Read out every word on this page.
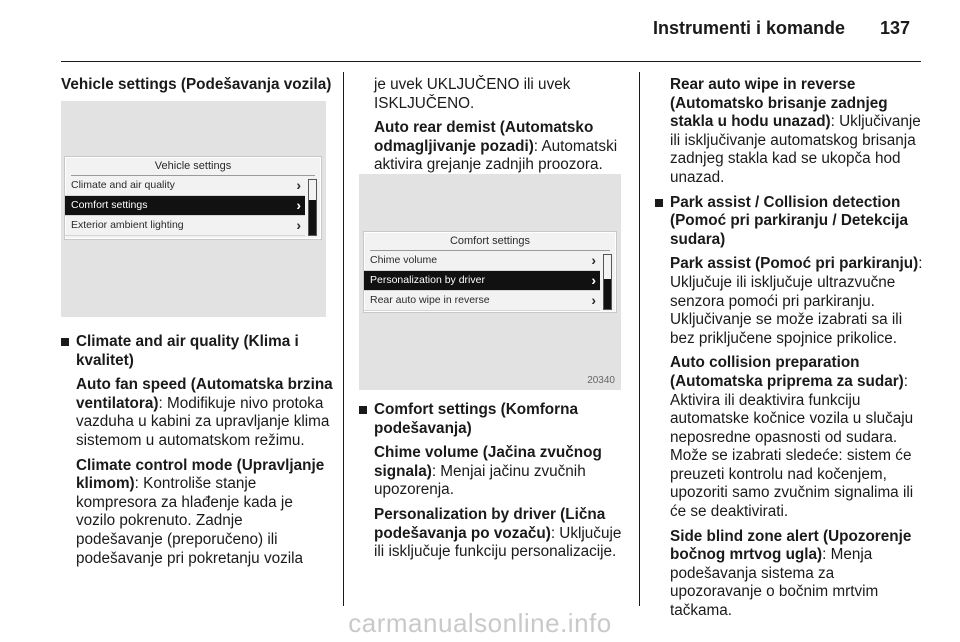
Instrumenti i komande 137

Vehicle settings (Podešavanja vozila)

Vehicle settings
Climate and air quality	›
Comfort settings	›
Exterior ambient lighting	›
Climate and air quality (Klima i kvalitet)

Auto fan speed (Automatska brzina ventilatora): Modifikuje nivo protoka vazduha u kabini za upravljanje klima sistemom u automatskom režimu.

Climate control mode (Upravljanje klimom): Kontroliše stanje kompresora za hlađenje kada je vozilo pokrenuto. Zadnje podešavanje (preporučeno) ili podešavanje pri pokretanju vozila

je uvek UKLJUČENO ili uvek ISKLJUČENO.

Auto rear demist (Automatsko odmagljivanje pozadi): Automatski aktivira grejanje zadnjih proozora.

Comfort settings
Chime volume	›
Personalization by driver	›
Rear auto wipe in reverse	›
20340
Comfort settings (Komforna podešavanja)

Chime volume (Jačina zvučnog signala): Menjai jačinu zvučnih upozorenja.

Personalization by driver (Lična podešavanja po vozaču): Uključuje ili isključuje funkciju personalizacije.

Rear auto wipe in reverse (Automatsko brisanje zadnjeg stakla u hodu unazad): Uključivanje ili isključivanje automatskog brisanja zadnjeg stakla kad se ukopča hod unazad.

Park assist / Collision detection (Pomoć pri parkiranju / Detekcija sudara)

Park assist (Pomoć pri parkiranju): Uključuje ili isključuje ultrazvučne senzora pomoći pri parkiranju. Uključivanje se može izabrati sa ili bez priključene spojnice prikolice.

Auto collision preparation (Automatska priprema za sudar): Aktivira ili deaktivira funkciju automatske kočnice vozila u slučaju neposredne opasnosti od sudara. Može se izabrati sledeće: sistem će preuzeti kontrolu nad kočenjem, upozoriti samo zvučnim signalima ili će se deaktivirati.

Side blind zone alert (Upozorenje bočnog mrtvog ugla): Menja podešavanja sistema za upozoravanje o bočnim mrtvim tačkama.

carmanualsonline.info
